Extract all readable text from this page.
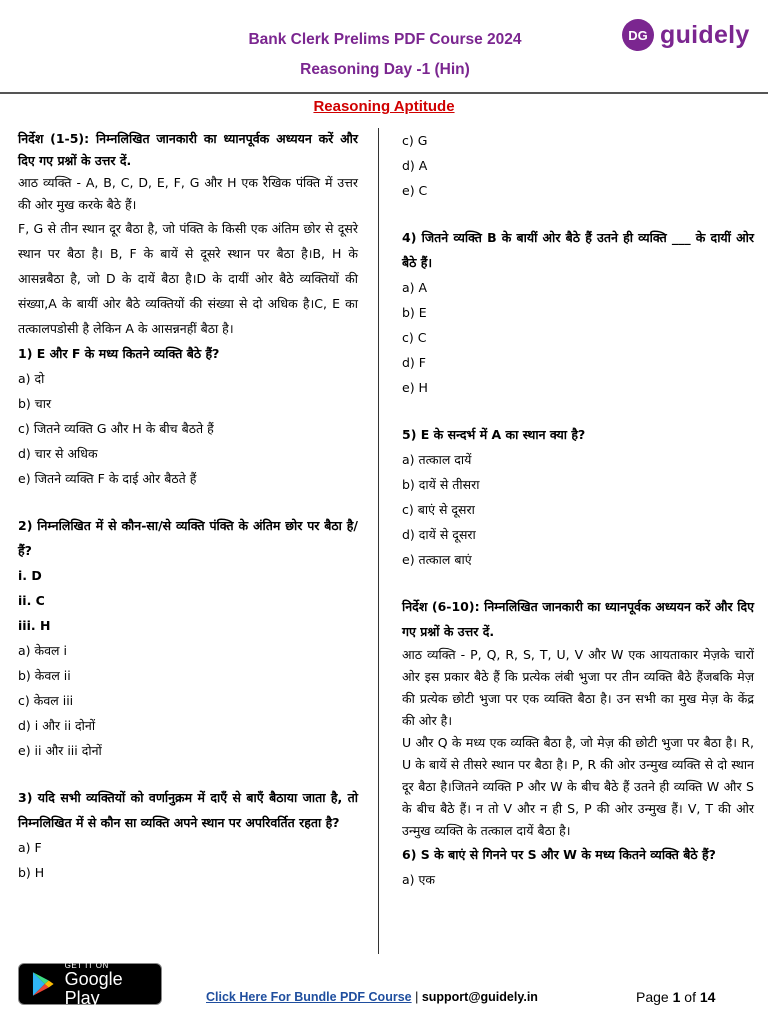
Bank Clerk Prelims PDF Course 2024
Reasoning Day -1 (Hin)
DG guidely
Reasoning Aptitude

निर्देश (1-5): निम्नलिखित जानकारी का ध्यानपूर्वक अध्ययन करें और दिए गए प्रश्नों के उत्तर दें.

आठ व्यक्ति - A, B, C, D, E, F, G और H एक रैखिक पंक्ति में उत्तर की ओर मुख करके बैठे हैं।

F, G से तीन स्थान दूर बैठा है, जो पंक्ति के किसी एक अंतिम छोर से दूसरे स्थान पर बैठा है। B, F के बायें से दूसरे स्थान पर बैठा है।B, H के आसन्नबैठा है, जो D के दायें बैठा है।D के दायीं ओर बैठे व्यक्तियों की संख्या,A के बायीं ओर बैठे व्यक्तियों की संख्या से दो अधिक है।C, E का तत्कालपडोसी है लेकिन A के आसन्ननहीं बैठा है।

1) E और F के मध्य कितने व्यक्ति बैठे हैं?

a) दो

b) चार

c) जितने व्यक्ति G और H के बीच बैठते हैं

d) चार से अधिक

e) जितने व्यक्ति F के दाई ओर बैठते हैं

2) निम्नलिखित में से कौन-सा/से व्यक्ति पंक्ति के अंतिम छोर पर बैठा है/हैं?

i. D

ii. C

iii. H

a) केवल i

b) केवल ii

c) केवल iii

d) i और ii दोनों

e) ii और iii दोनों

3) यदि सभी व्यक्तियों को वर्णानुक्रम में दाएँ से बाएँ बैठाया जाता है, तो निम्नलिखित में से कौन सा व्यक्ति अपने स्थान पर अपरिवर्तित रहता है?

a) F

b) H

c) G

d) A

e) C

4) जितने व्यक्ति B के बायीं ओर बैठे हैं उतने ही व्यक्ति ___ के दायीं ओर बैठे हैं।

a) A

b) E

c) C

d) F

e) H

5) E के सन्दर्भ में A का स्थान क्या है?

a) तत्काल दायें

b) दायें से तीसरा

c) बाएं से दूसरा

d) दायें से दूसरा

e) तत्काल बाएं

निर्देश (6-10): निम्नलिखित जानकारी का ध्यानपूर्वक अध्ययन करें और दिए गए प्रश्नों के उत्तर दें.

आठ व्यक्ति - P, Q, R, S, T, U, V और W एक आयताकार मेज़के चारों ओर इस प्रकार बैठे हैं कि प्रत्येक लंबी भुजा पर तीन व्यक्ति बैठे हैंजबकि मेज़ की प्रत्येक छोटी भुजा पर एक व्यक्ति बैठा है। उन सभी का मुख मेज़ के केंद्र की ओर है।

U और Q के मध्य एक व्यक्ति बैठा है, जो मेज़ की छोटी भुजा पर बैठा है। R, U के बायें से तीसरे स्थान पर बैठा है। P, R की ओर उन्मुख व्यक्ति से दो स्थान दूर बैठा है।जितने व्यक्ति P और W के बीच बैठे हैं उतने ही व्यक्ति W और S के बीच बैठे हैं। न तो V और न ही S, P की ओर उन्मुख हैं। V, T की ओर उन्मुख व्यक्ति के तत्काल दायें बैठा है।

6) S के बाएं से गिनने पर S और W के मध्य कितने व्यक्ति बैठे हैं?

a) एक

GET IT ON
Google Play	Click Here For Bundle PDF Course | support@guidely.in	Page 1 of 14
